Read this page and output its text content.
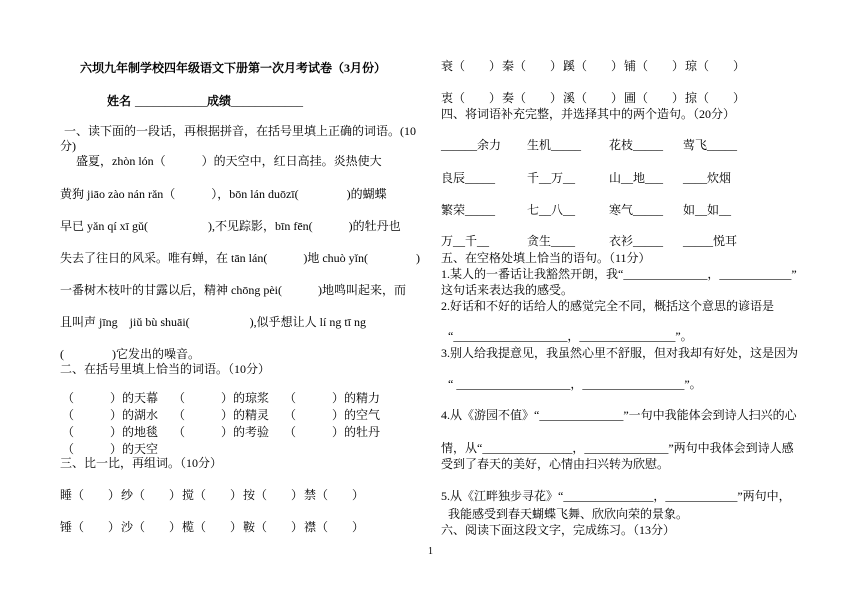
六坝九年制学校四年级语文下册第一次月考试卷（3月份）
姓名 ____________成绩____________
一、读下面的一段话，再根据拼音，在括号里填上正确的词语。(10
分)
盛夏，zhòn lón（　　　）的天空中，红日高挂。炎热使大
黄狗 jiāo zào nán rǎn（　　　），bōn lán duōzī(　　　　)的蝴蝶
早已 yǎn qí xī gǔ(　　　　　),不见踪影，bīn fēn(　　　)的牡丹也
失去了往日的风采。唯有蝉，在 tān lán(　　　)地 chuò yǐn(　　　　)
一番树木枝叶的甘露以后，精神 chōng pèi(　　　)地鸣叫起来，而
且叫声 jīng　jiǔ bù shuāi(　　　　　),似乎想让人 lí ng tī ng
(　　　　)它发出的噪音。
二、在括号里填上恰当的词语。（10分）
（　　　）的天幕	（　　　）的琼浆	（　　　）的精力
（　　　）的湖水	（　　　）的精灵	（　　　）的空气
（　　　）的地毯	（　　　）的考验	（　　　）的牡丹
（　　　）的天空
三、比一比，再组词。（10分）
睡（　　） 纱（　　） 搅（　　） 按（　　） 禁（　　）
锤（　　） 沙（　　） 榄（　　） 鞍（　　） 襟（　　）
衰（　　） 秦（　　） 蹊（　　） 铺（　　） 琼（　　）
衷（　　） 奏（　　） 溪（　　） 圃（　　） 掠（　　）
四、将词语补充完整，并选择其中的两个造句。（20分）
______余力	生机_____	花枝_____	莺飞_____
良辰_____	千__万__	山__地___	____炊烟
繁荣_____	七__八__	寒气_____	如__如__
万__千__	贪生____	衣衫_____	_____悦耳
五、在空格处填上恰当的语句。（11分）
1.某人的一番话让我豁然开朗，我“______________，____________”
这句话来表达我的感受。
2.好话和不好的话给人的感觉完全不同，概括这个意思的谚语是
“___________________，________________”。
3.别人给我提意见，我虽然心里不舒服，但对我却有好处，这是因为
“ ___________________，_________________”。
4.从《游园不值》“______________”一句中我能体会到诗人扫兴的心
情，从“_______________，______________”两句中我体会到诗人感
受到了春天的美好，心情由扫兴转为欣慰。
5.从《江畔独步寻花》“_______________，____________”两句中，
我能感受到春天蝴蝶飞舞、欣欣向荣的景象。
六、阅读下面这段文字，完成练习。（13分）
1
